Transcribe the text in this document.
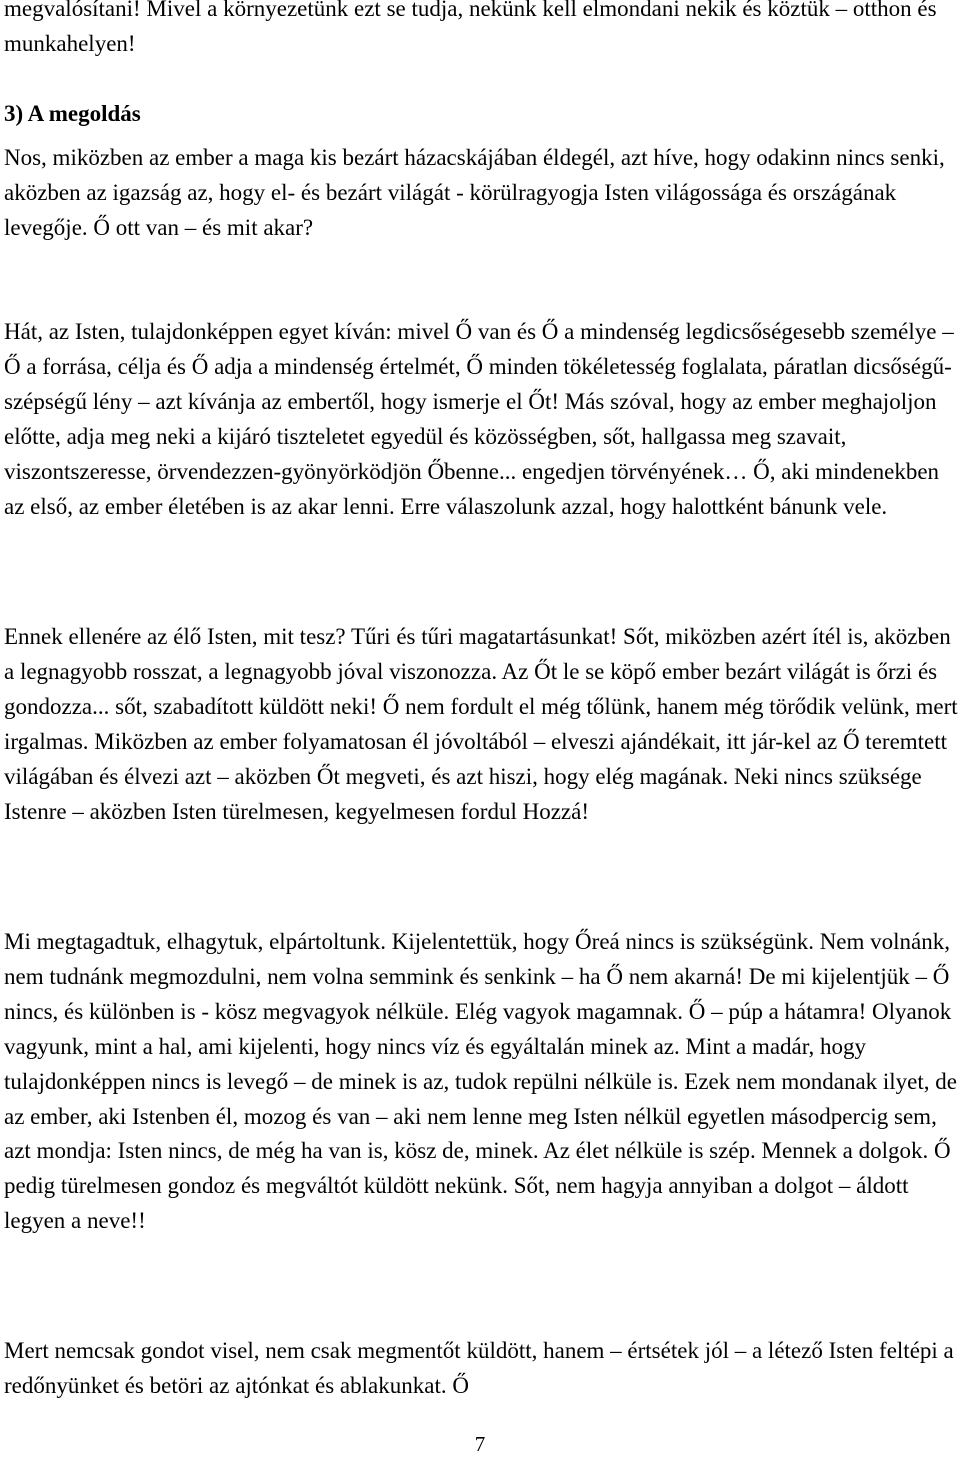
megvalósítani! Mivel a környezetünk ezt se tudja, nekünk kell elmondani nekik és köztük – otthon és munkahelyen!

3) A megoldás

Nos, miközben az ember a maga kis bezárt házacskájában éldegél, azt híve, hogy odakinn nincs senki, aközben az igazság az, hogy el- és bezárt világát - körülragyogja Isten világossága és országának levegője. Ő ott van – és mit akar?

Hát, az Isten, tulajdonképpen egyet kíván: mivel Ő van és Ő a mindenség legdicsőségesebb személye – Ő a forrása, célja és Ő adja a mindenség értelmét, Ő minden tökéletesség foglalata, páratlan dicsőségű-szépségű lény – azt kívánja az embertől, hogy ismerje el Őt! Más szóval, hogy az ember meghajoljon előtte, adja meg neki a kijáró tiszteletet egyedül és közösségben, sőt, hallgassa meg szavait, viszontszeresse, örvendezzen-gyönyörködjön Őbenne... engedjen törvényének… Ő, aki mindenekben az első, az ember életében is az akar lenni. Erre válaszolunk azzal, hogy halottként bánunk vele.

Ennek ellenére az élő Isten, mit tesz? Tűri és tűri magatartásunkat! Sőt, miközben azért ítél is, aközben a legnagyobb rosszat, a legnagyobb jóval viszonozza. Az Őt le se köpő ember bezárt világát is őrzi és gondozza... sőt, szabadított küldött neki! Ő nem fordult el még tőlünk, hanem még törődik velünk, mert irgalmas. Miközben az ember folyamatosan él jóvoltából – elveszi ajándékait, itt jár-kel az Ő teremtett világában és élvezi azt – aközben Őt megveti, és azt hiszi, hogy elég magának. Neki nincs szüksége Istenre – aközben Isten türelmesen, kegyelmesen fordul Hozzá!

Mi megtagadtuk, elhagytuk, elpártoltunk. Kijelentettük, hogy Őreá nincs is szükségünk. Nem volnánk, nem tudnánk megmozdulni, nem volna semmink és senkink – ha Ő nem akarná! De mi kijelentjük – Ő nincs, és különben is - kösz megvagyok nélküle. Elég vagyok magamnak. Ő – púp a hátamra! Olyanok vagyunk, mint a hal, ami kijelenti, hogy nincs víz és egyáltalán minek az. Mint a madár, hogy tulajdonképpen nincs is levegő – de minek is az, tudok repülni nélküle is. Ezek nem mondanak ilyet, de az ember, aki Istenben él, mozog és van – aki nem lenne meg Isten nélkül egyetlen másodpercig sem, azt mondja: Isten nincs, de még ha van is, kösz de, minek. Az élet nélküle is szép. Mennek a dolgok. Ő pedig türelmesen gondoz és megváltót küldött nekünk. Sőt, nem hagyja annyiban a dolgot – áldott legyen a neve!!

Mert nemcsak gondot visel, nem csak megmentőt küldött, hanem – értsétek jól – a létező Isten feltépi a redőnyünket és betöri az ajtónkat és ablakunkat. Ő

7
